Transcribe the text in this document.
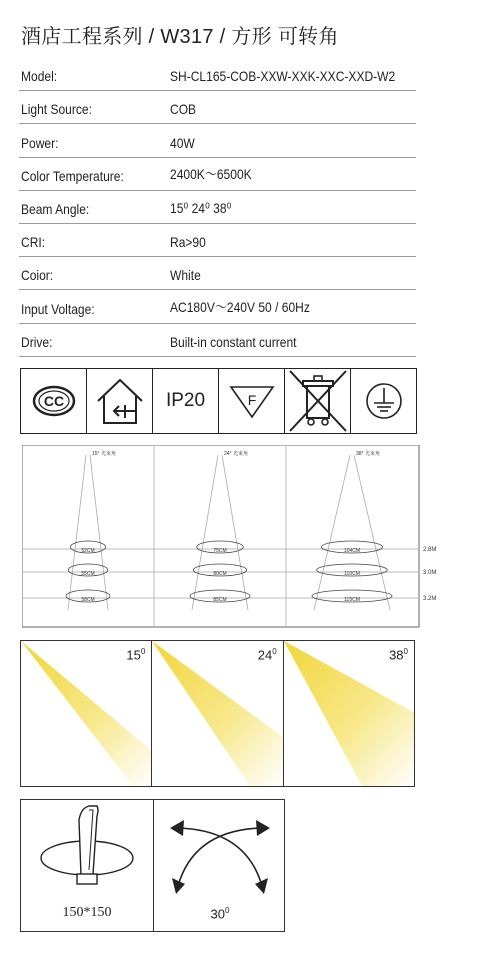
酒店工程系列 / W317 / 方形 可转角
Model:	SH-CL165-COB-XXW-XXK-XXC-XXD-W2
Light Source:	COB
Power:	40W
Color Temperature:	2400K～6500K
Beam Angle:	15⁰ 24⁰ 38⁰
CRI:	Ra>90
Coior:	White
Input Voltage:	AC180V～240V 50 / 60Hz
Drive:	Built-in constant current
CC	IP20	F
15° 光束角
52CM
55CM
58CM
24° 光束角
75CM
80CM
85CM
38° 光束角
104CM
110CM
115CM
2.8M
3.0M
3.2M
$15^0$	$24^0$	$38^0$
150*150	$30^0$
